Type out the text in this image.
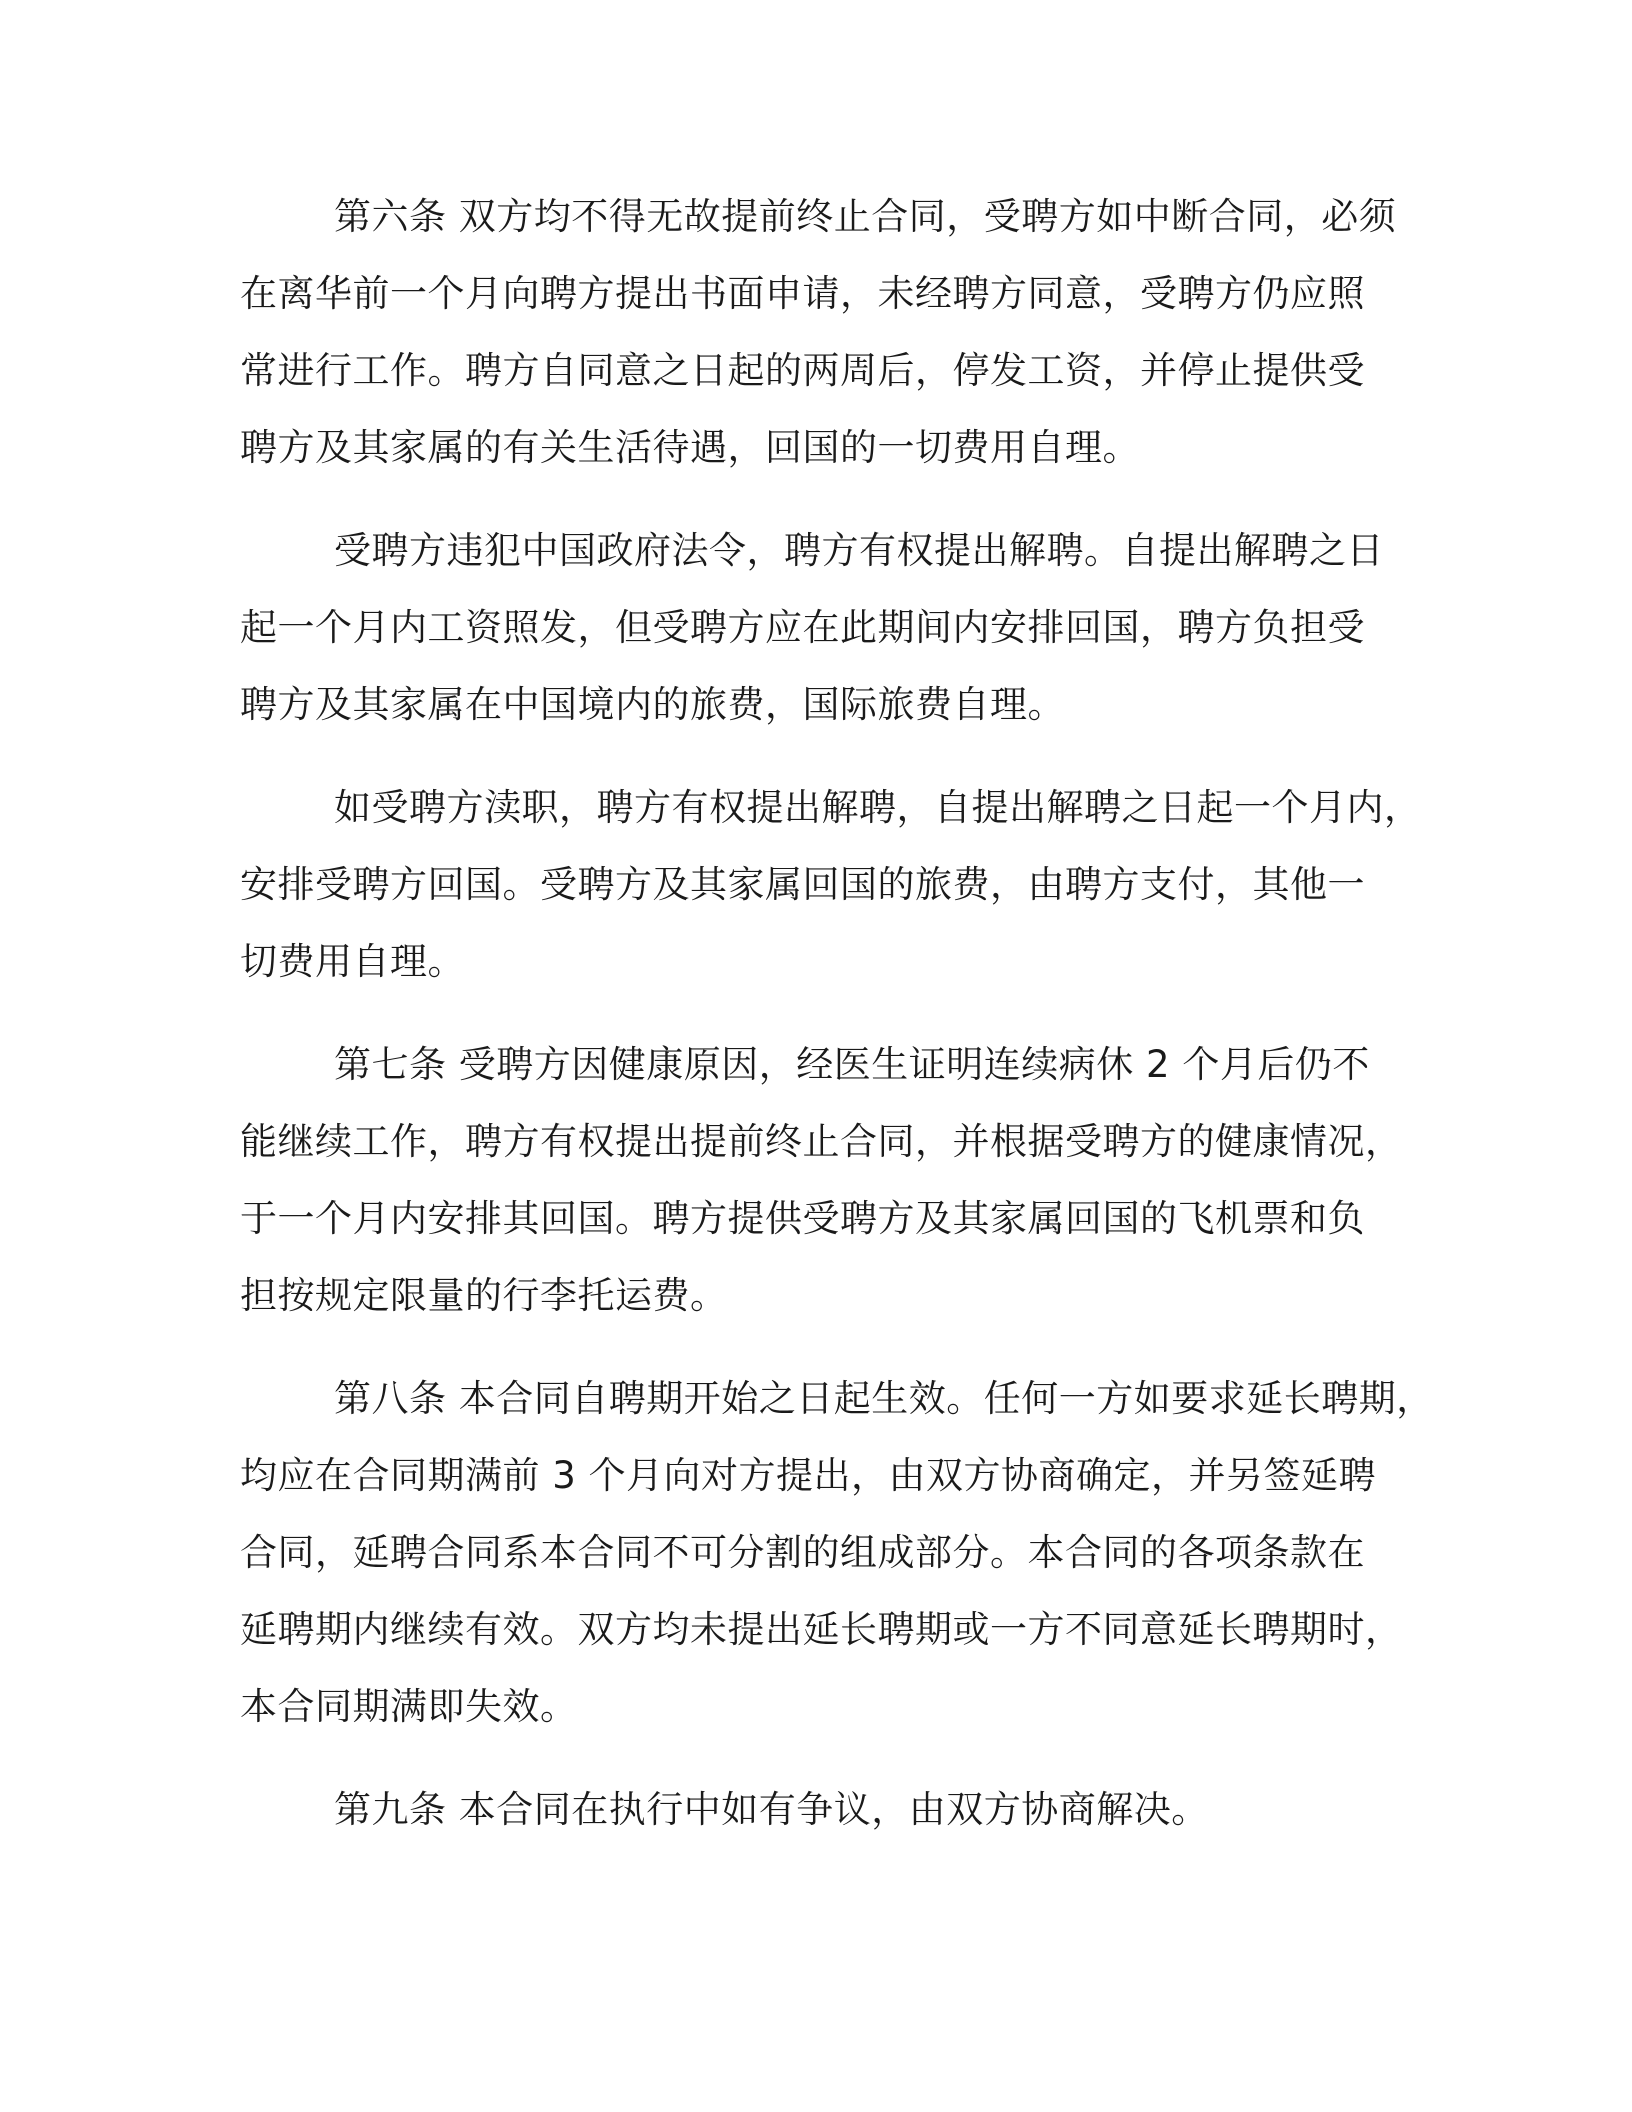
第六条 双方均不得无故提前终止合同，受聘方如中断合同，必须
在离华前一个月向聘方提出书面申请，未经聘方同意，受聘方仍应照
常进行工作。聘方自同意之日起的两周后，停发工资，并停止提供受
聘方及其家属的有关生活待遇，回国的一切费用自理。
受聘方违犯中国政府法令，聘方有权提出解聘。自提出解聘之日
起一个月内工资照发，但受聘方应在此期间内安排回国，聘方负担受
聘方及其家属在中国境内的旅费，国际旅费自理。
如受聘方渎职，聘方有权提出解聘，自提出解聘之日起一个月内，
安排受聘方回国。受聘方及其家属回国的旅费，由聘方支付，其他一
切费用自理。
第七条 受聘方因健康原因，经医生证明连续病休 2 个月后仍不
能继续工作，聘方有权提出提前终止合同，并根据受聘方的健康情况，
于一个月内安排其回国。聘方提供受聘方及其家属回国的飞机票和负
担按规定限量的行李托运费。
第八条 本合同自聘期开始之日起生效。任何一方如要求延长聘期，
均应在合同期满前 3 个月向对方提出，由双方协商确定，并另签延聘
合同，延聘合同系本合同不可分割的组成部分。本合同的各项条款在
延聘期内继续有效。双方均未提出延长聘期或一方不同意延长聘期时，
本合同期满即失效。
第九条 本合同在执行中如有争议，由双方协商解决。
